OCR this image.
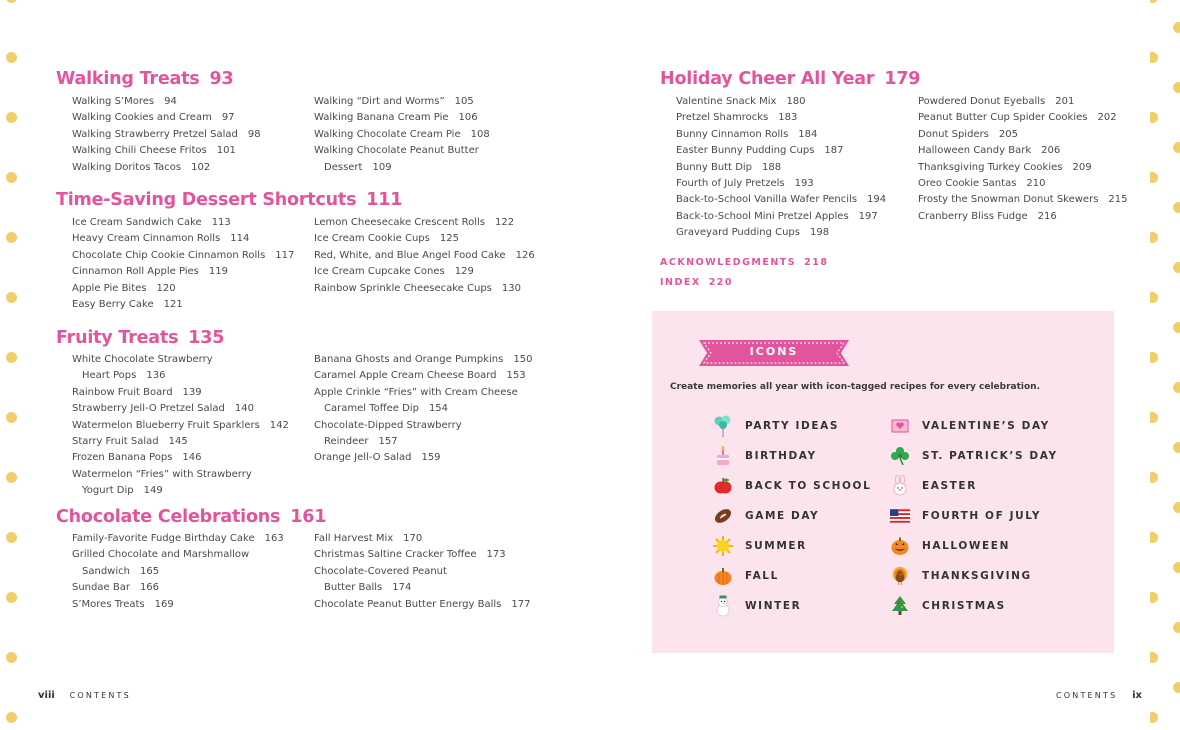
Walking Treats 93
Walking S’Mores 94
Walking Cookies and Cream 97
Walking Strawberry Pretzel Salad 98
Walking Chili Cheese Fritos 101
Walking Doritos Tacos 102
Walking “Dirt and Worms” 105
Walking Banana Cream Pie 106
Walking Chocolate Cream Pie 108
Walking Chocolate Peanut Butter
Dessert 109
Time-Saving Dessert Shortcuts 111
Ice Cream Sandwich Cake 113
Heavy Cream Cinnamon Rolls 114
Chocolate Chip Cookie Cinnamon Rolls 117
Cinnamon Roll Apple Pies 119
Apple Pie Bites 120
Easy Berry Cake 121
Lemon Cheesecake Crescent Rolls 122
Ice Cream Cookie Cups 125
Red, White, and Blue Angel Food Cake 126
Ice Cream Cupcake Cones 129
Rainbow Sprinkle Cheesecake Cups 130
Fruity Treats 135
White Chocolate Strawberry
Heart Pops 136
Rainbow Fruit Board 139
Strawberry Jell-O Pretzel Salad 140
Watermelon Blueberry Fruit Sparklers 142
Starry Fruit Salad 145
Frozen Banana Pops 146
Watermelon “Fries” with Strawberry
Yogurt Dip 149
Banana Ghosts and Orange Pumpkins 150
Caramel Apple Cream Cheese Board 153
Apple Crinkle “Fries” with Cream Cheese
Caramel Toffee Dip 154
Chocolate-Dipped Strawberry
Reindeer 157
Orange Jell-O Salad 159
Chocolate Celebrations 161
Family-Favorite Fudge Birthday Cake 163
Grilled Chocolate and Marshmallow
Sandwich 165
Sundae Bar 166
S’Mores Treats 169
Fall Harvest Mix 170
Christmas Saltine Cracker Toffee 173
Chocolate-Covered Peanut
Butter Balls 174
Chocolate Peanut Butter Energy Balls 177
viii CONTENTS
Holiday Cheer All Year 179
Valentine Snack Mix 180
Pretzel Shamrocks 183
Bunny Cinnamon Rolls 184
Easter Bunny Pudding Cups 187
Bunny Butt Dip 188
Fourth of July Pretzels 193
Back-to-School Vanilla Wafer Pencils 194
Back-to-School Mini Pretzel Apples 197
Graveyard Pudding Cups 198
Powdered Donut Eyeballs 201
Peanut Butter Cup Spider Cookies 202
Donut Spiders 205
Halloween Candy Bark 206
Thanksgiving Turkey Cookies 209
Oreo Cookie Santas 210
Frosty the Snowman Donut Skewers 215
Cranberry Bliss Fudge 216
ACKNOWLEDGMENTS 218
INDEX 220
ICONS
Create memories all year with icon-tagged recipes for every celebration.
PARTY IDEAS
BIRTHDAY
BACK TO SCHOOL
GAME DAY
SUMMER
FALL
WINTER
VALENTINE’S DAY
ST. PATRICK’S DAY
EASTER
FOURTH OF JULY
HALLOWEEN
THANKSGIVING
CHRISTMAS
CONTENTS ix
